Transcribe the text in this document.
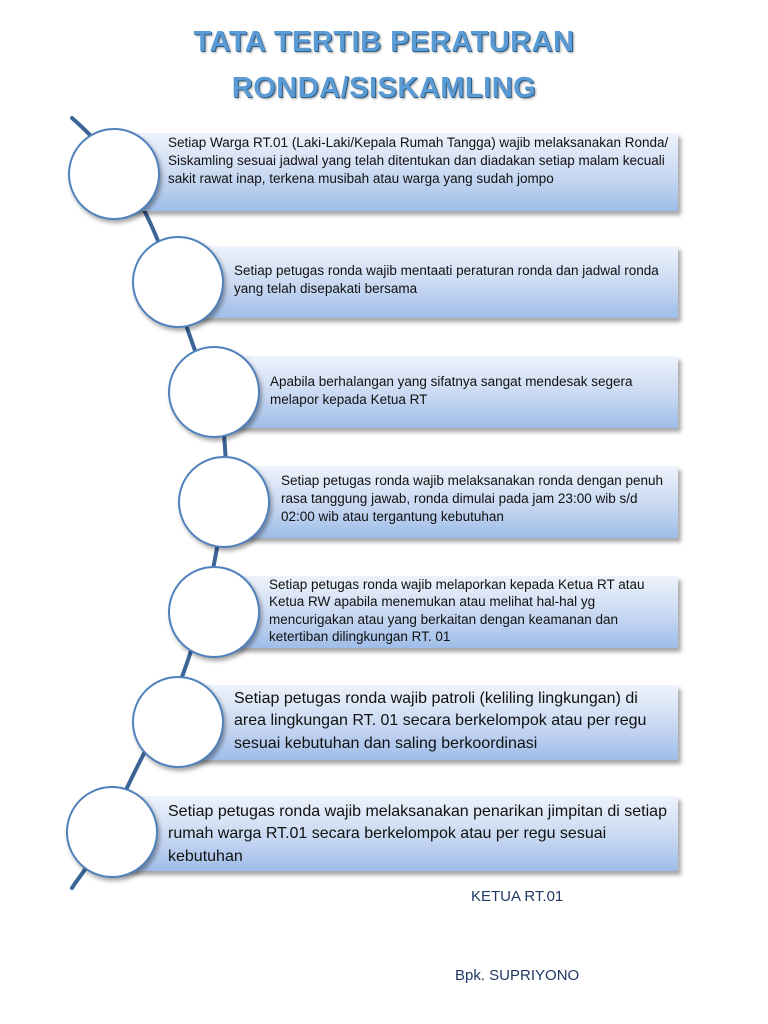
TATA TERTIB PERATURAN
RONDA/SISKAMLING
Setiap Warga RT.01 (Laki-Laki/Kepala Rumah Tangga) wajib melaksanakan Ronda/ Siskamling sesuai jadwal yang telah ditentukan dan diadakan setiap malam kecuali sakit rawat inap, terkena musibah atau warga yang sudah jompo
Setiap petugas ronda wajib mentaati peraturan ronda dan jadwal ronda yang telah disepakati bersama
Apabila berhalangan yang sifatnya sangat mendesak segera melapor kepada Ketua RT
Setiap petugas ronda wajib melaksanakan ronda dengan penuh rasa tanggung jawab, ronda dimulai pada jam 23:00 wib s/d 02:00 wib atau tergantung kebutuhan
Setiap petugas ronda wajib melaporkan kepada Ketua RT atau Ketua RW apabila menemukan atau melihat hal-hal yg mencurigakan atau yang berkaitan dengan keamanan dan ketertiban dilingkungan RT. 01
Setiap petugas ronda wajib patroli (keliling lingkungan) di area lingkungan RT. 01 secara berkelompok atau per regu sesuai kebutuhan dan saling berkoordinasi
Setiap petugas ronda wajib melaksanakan penarikan jimpitan di setiap rumah warga RT.01 secara berkelompok atau per regu sesuai kebutuhan
KETUA RT.01
Bpk. SUPRIYONO
